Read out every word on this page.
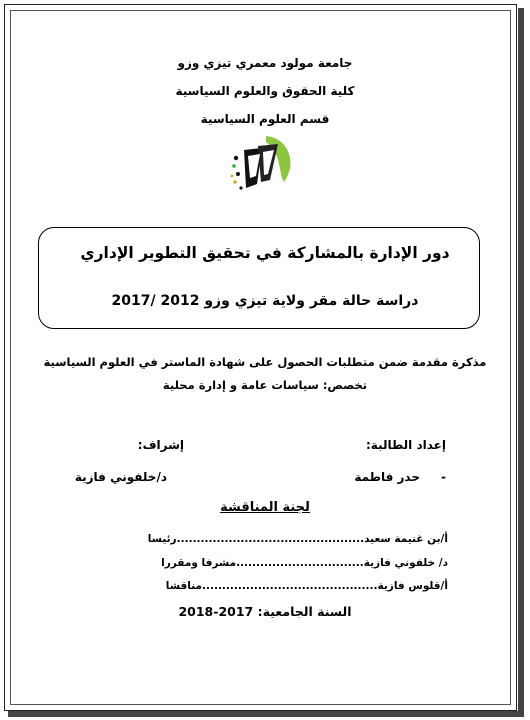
جامعة مولود معمري تيزي وزو
كلية الحقوق والعلوم السياسية
قسم العلوم السياسية
دور الإدارة بالمشاركة في تحقيق التطوير الإداري
دراسة حالة مقر ولاية تيزي وزو 2012 /2017
مذكرة مقدمة ضمن متطلبات الحصول على شهادة الماستر في العلوم السياسية
تخصص: سياسات عامة و إدارة محلية
إعداد الطالبة:
إشراف:
-
حدر فاطمة
د/خلفوني فازية
لجنة المناقشة
أ/بن غنيمة سعيد...............................................رئيسا
د/ خلفوني فازية................................مشرفا ومقررا
أ/قلوس فازية............................................مناقشا
السنة الجامعية: 2017-2018
